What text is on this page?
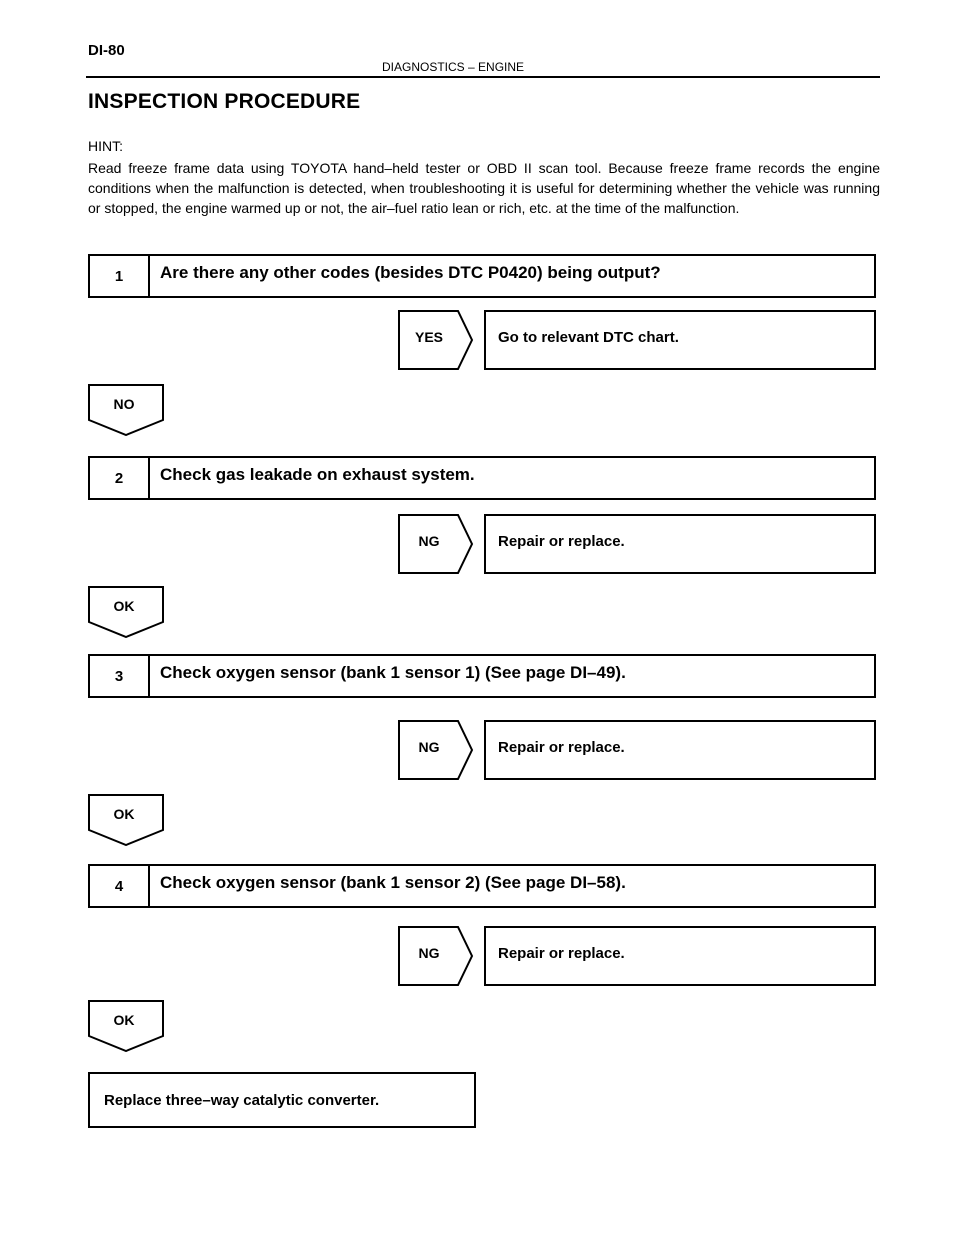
DI-80
DIAGNOSTICS – ENGINE
INSPECTION PROCEDURE
HINT:
Read freeze frame data using TOYOTA hand–held tester or OBD II scan tool. Because freeze frame records the engine conditions when the malfunction is detected, when troubleshooting it is useful for determining whether the vehicle was running or stopped, the engine warmed up or not, the air–fuel ratio lean or rich, etc. at the time of the malfunction.
1	Are there any other codes (besides DTC P0420) being output?
YES	Go to relevant DTC chart.
NO
2	Check gas leakade on exhaust system.
NG	Repair or replace.
OK
3	Check oxygen sensor (bank 1 sensor 1) (See page DI–49).
NG	Repair or replace.
OK
4	Check oxygen sensor (bank 1 sensor 2) (See page DI–58).
NG	Repair or replace.
OK
Replace three–way catalytic converter.
